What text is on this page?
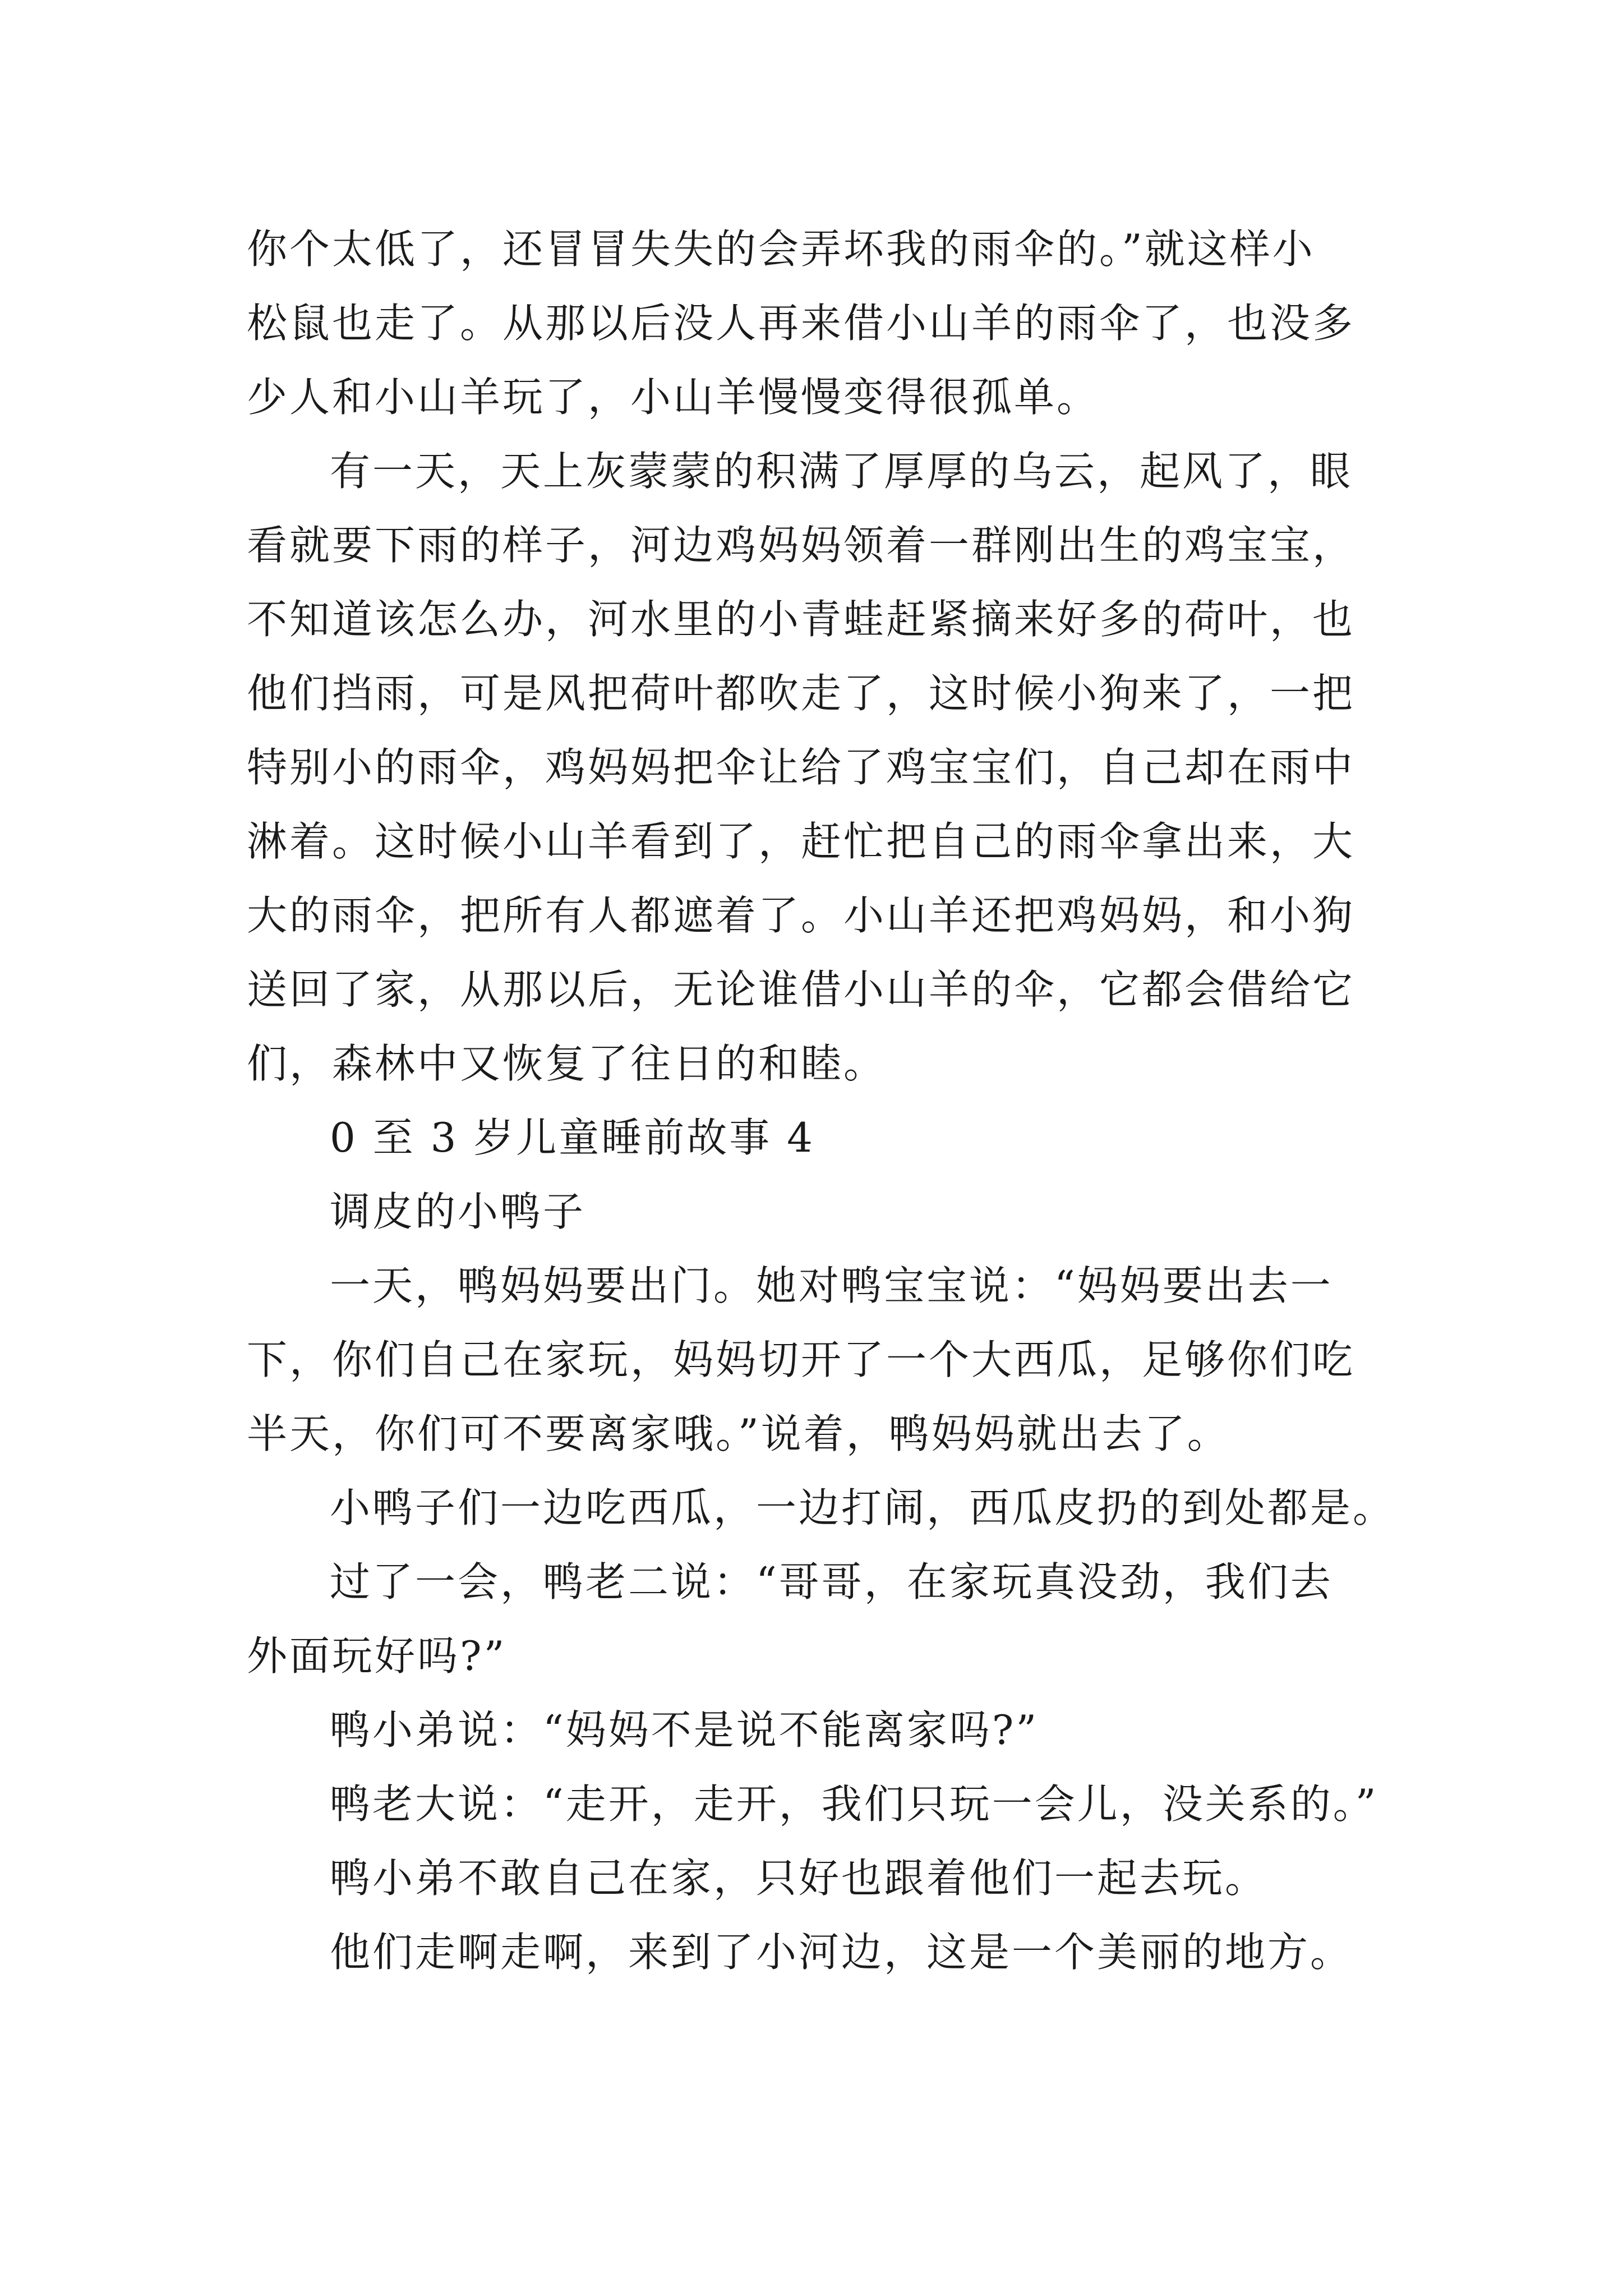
你个太低了，还冒冒失失的会弄坏我的雨伞的。”就这样小
松鼠也走了。从那以后没人再来借小山羊的雨伞了，也没多
少人和小山羊玩了，小山羊慢慢变得很孤单。
有一天，天上灰蒙蒙的积满了厚厚的乌云，起风了，眼
看就要下雨的样子，河边鸡妈妈领着一群刚出生的鸡宝宝，
不知道该怎么办，河水里的小青蛙赶紧摘来好多的荷叶，也
他们挡雨，可是风把荷叶都吹走了，这时候小狗来了，一把
特别小的雨伞，鸡妈妈把伞让给了鸡宝宝们，自己却在雨中
淋着。这时候小山羊看到了，赶忙把自己的雨伞拿出来，大
大的雨伞，把所有人都遮着了。小山羊还把鸡妈妈，和小狗
送回了家，从那以后，无论谁借小山羊的伞，它都会借给它
们，森林中又恢复了往日的和睦。
0 至 3 岁儿童睡前故事 4
调皮的小鸭子
一天，鸭妈妈要出门。她对鸭宝宝说：“妈妈要出去一
下，你们自己在家玩，妈妈切开了一个大西瓜，足够你们吃
半天，你们可不要离家哦。”说着，鸭妈妈就出去了。
小鸭子们一边吃西瓜，一边打闹，西瓜皮扔的到处都是。
过了一会，鸭老二说：“哥哥，在家玩真没劲，我们去
外面玩好吗?”
鸭小弟说：“妈妈不是说不能离家吗?”
鸭老大说：“走开，走开，我们只玩一会儿，没关系的。”
鸭小弟不敢自己在家，只好也跟着他们一起去玩。
他们走啊走啊，来到了小河边，这是一个美丽的地方。
